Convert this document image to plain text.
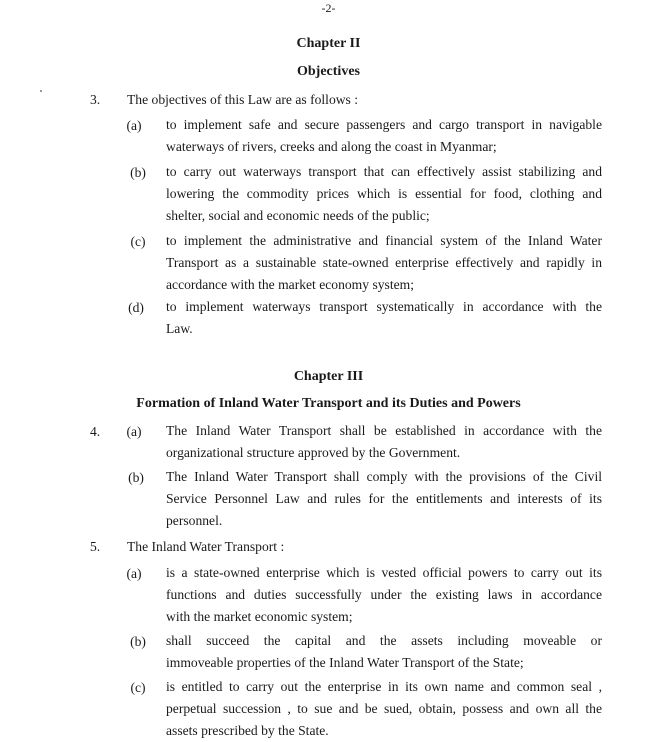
-2-
Chapter II
Objectives
3. The objectives of this Law are as follows :
(a)	to implement safe and secure passengers and cargo transport in navigable
waterways of rivers, creeks and along the coast in Myanmar;
(b)	to carry out waterways transport that can effectively assist stabilizing and
lowering the commodity prices which is essential for food, clothing and
shelter, social and economic needs of the public;
(c)	to implement the administrative and financial system of the Inland Water
Transport as a sustainable state-owned enterprise effectively and rapidly in
accordance with the market economy system;
(d)	to implement waterways transport systematically in accordance with the
Law.
Chapter III
Formation of Inland Water Transport and its Duties and Powers
4.	(a)	The Inland Water Transport shall be established in accordance with the
organizational structure approved by the Government.
(b)	The Inland Water Transport shall comply with the provisions of the Civil
Service Personnel Law and rules for the entitlements and interests of its
personnel.
5. The Inland Water Transport :
(a)	is a state-owned enterprise which is vested official powers to carry out its
functions and duties successfully under the existing laws in accordance
with the market economic system;
(b)	shall succeed the capital and the assets including moveable or
immoveable properties of the Inland Water Transport of the State;
(c)	is entitled to carry out the enterprise in its own name and common seal ,
perpetual succession , to sue and be sued, obtain, possess and own all the
assets prescribed by the State.
